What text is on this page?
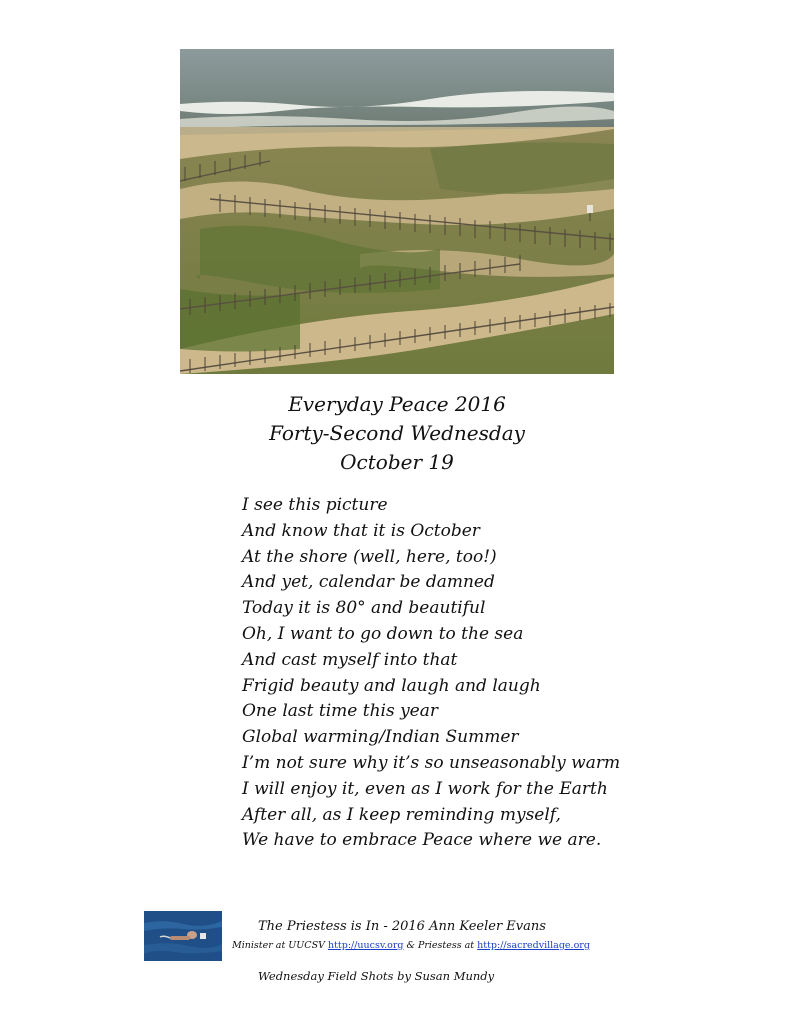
Everyday Peace 2016
Forty-Second Wednesday
October 19
I see this picture
And know that it is October
At the shore (well, here, too!)
And yet, calendar be damned
Today it is 80° and beautiful
Oh, I want to go down to the sea
And cast myself into that
Frigid beauty and laugh and laugh
One last time this year
Global warming/Indian Summer
I’m not sure why it’s so unseasonably warm
I will enjoy it, even as I work for the Earth
After all, as I keep reminding myself,
We have to embrace Peace where we are.
The Priestess is In - 2016 Ann Keeler Evans
Minister at UUCSV http://uucsv.org & Priestess at http://sacredvillage.org
Wednesday Field Shots by Susan Mundy
